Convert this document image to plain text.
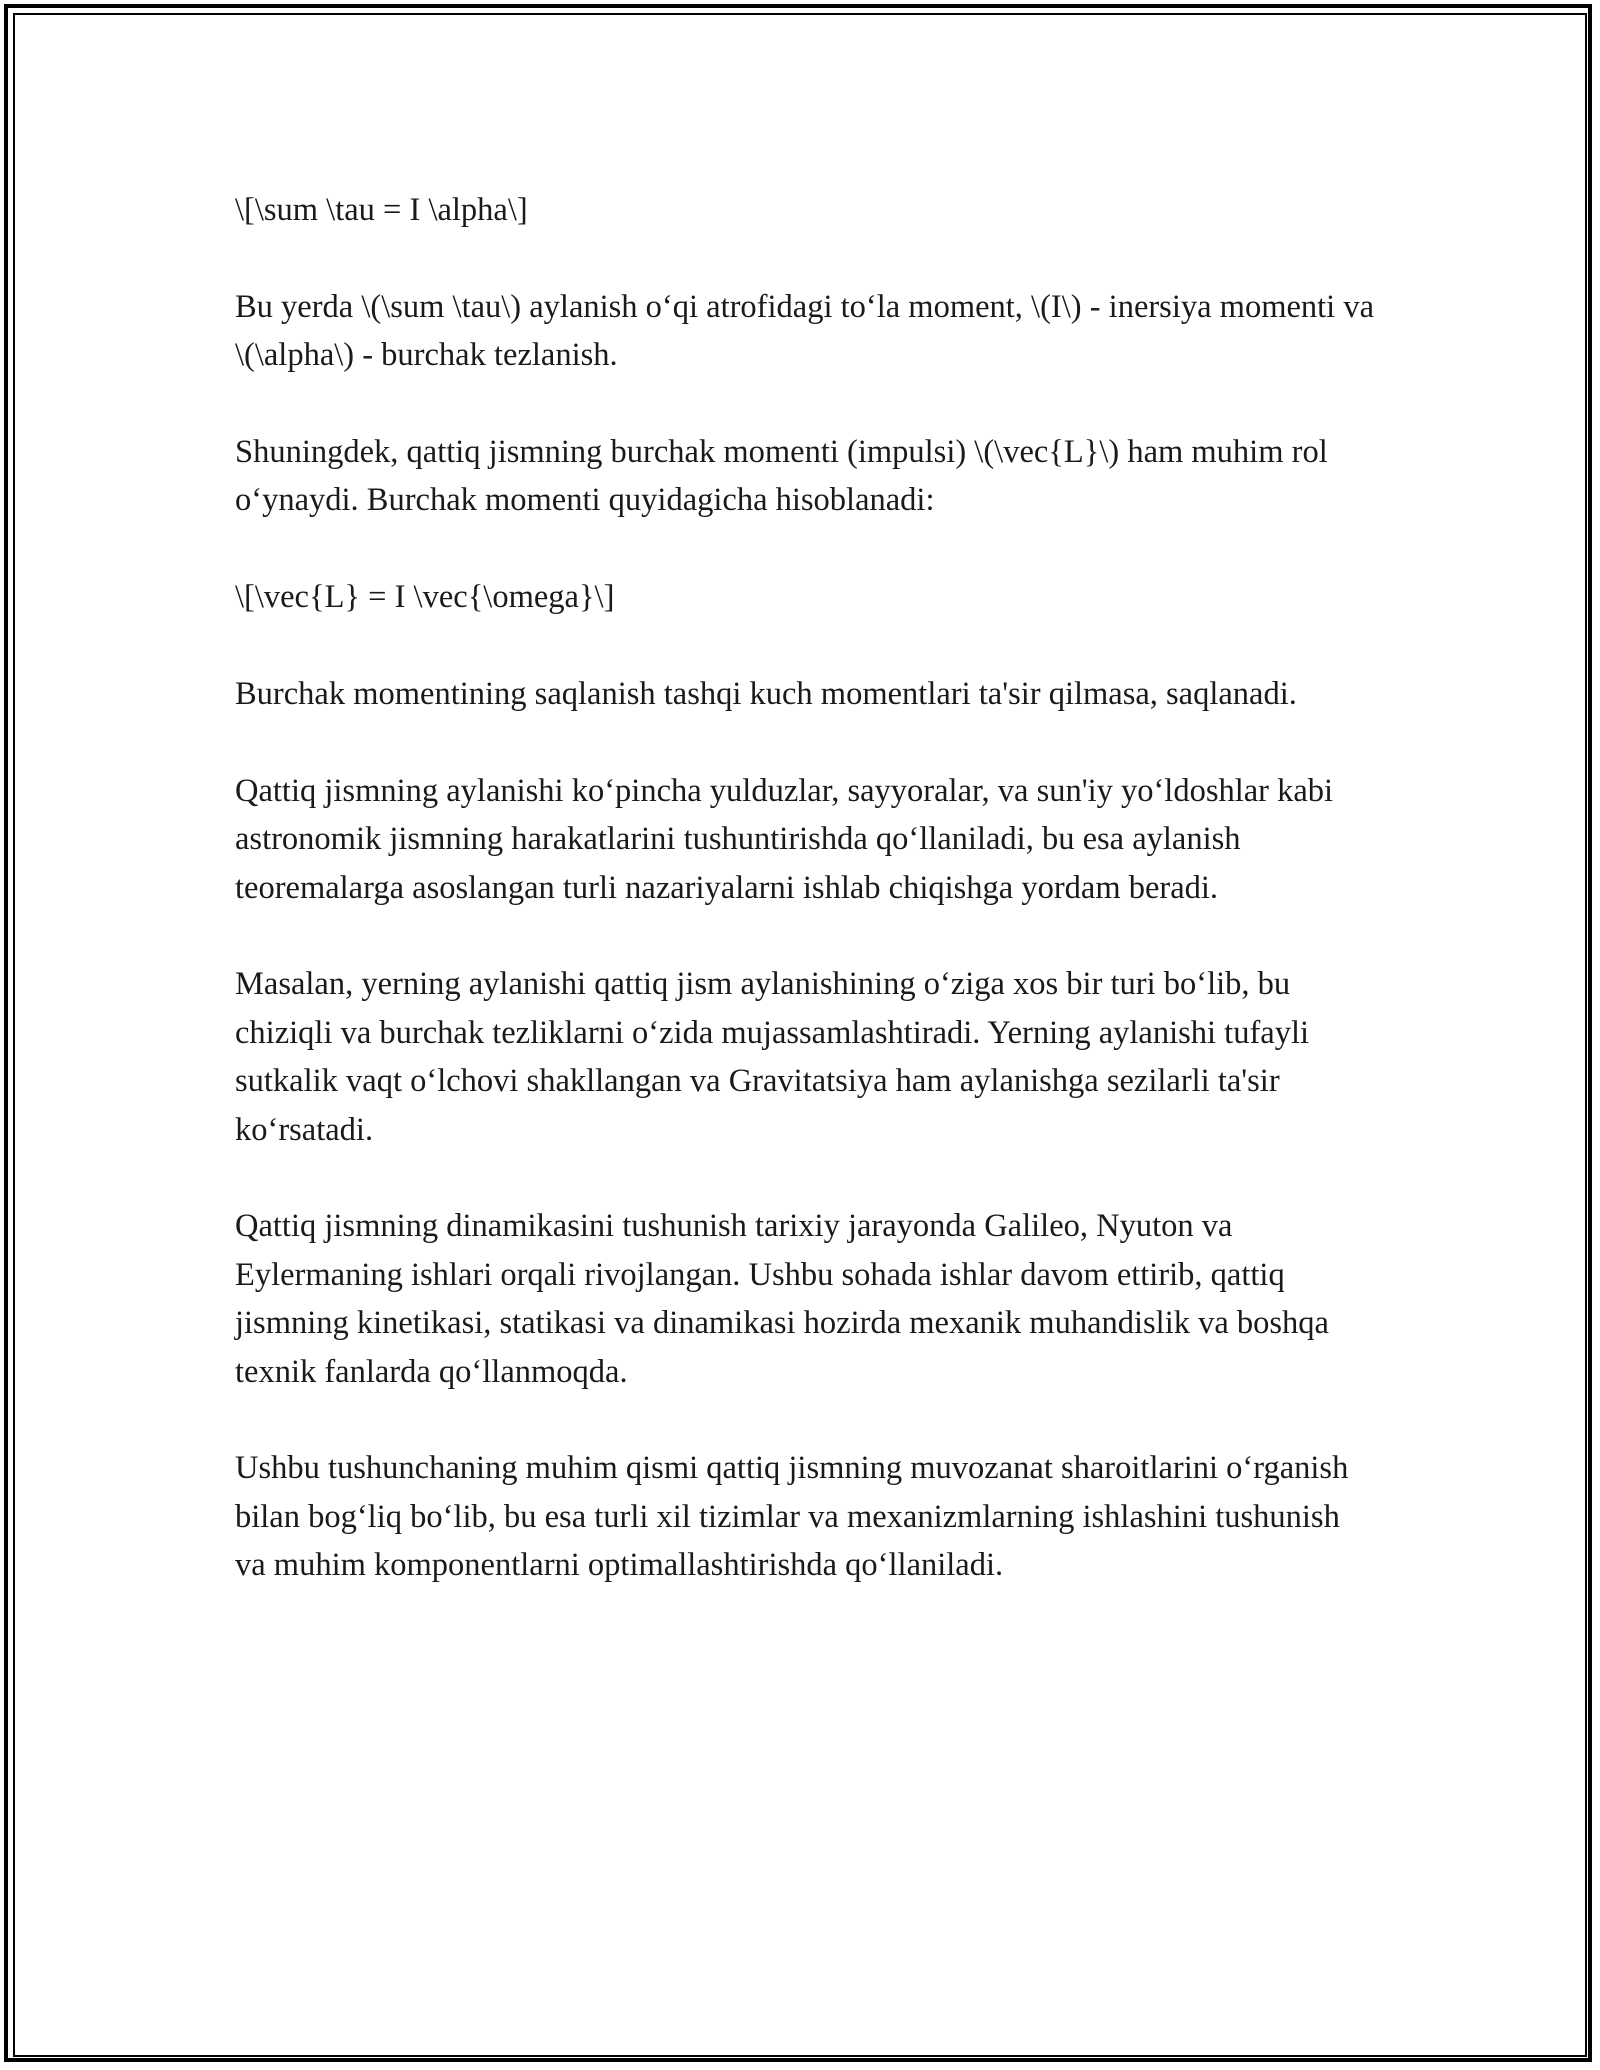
\[\sum \tau = I \alpha\]

Bu yerda \(\sum \tau\) aylanish o‘qi atrofidagi to‘la moment, \(I\) - inersiya momenti va \(\alpha\) - burchak tezlanish.

Shuningdek, qattiq jismning burchak momenti (impulsi) \(\vec{L}\) ham muhim rol o‘ynaydi. Burchak momenti quyidagicha hisoblanadi:

\[\vec{L} = I \vec{\omega}\]

Burchak momentining saqlanish tashqi kuch momentlari ta'sir qilmasa, saqlanadi.

Qattiq jismning aylanishi ko‘pincha yulduzlar, sayyoralar, va sun'iy yo‘ldoshlar kabi astronomik jismning harakatlarini tushuntirishda qo‘llaniladi, bu esa aylanish teoremalarga asoslangan turli nazariyalarni ishlab chiqishga yordam beradi.

Masalan, yerning aylanishi qattiq jism aylanishining o‘ziga xos bir turi bo‘lib, bu chiziqli va burchak tezliklarni o‘zida mujassamlashtiradi. Yerning aylanishi tufayli sutkalik vaqt o‘lchovi shakllangan va Gravitatsiya ham aylanishga sezilarli ta'sir ko‘rsatadi.

Qattiq jismning dinamikasini tushunish tarixiy jarayonda Galileo, Nyuton va Eylermaning ishlari orqali rivojlangan. Ushbu sohada ishlar davom ettirib, qattiq jismning kinetikasi, statikasi va dinamikasi hozirda mexanik muhandislik va boshqa texnik fanlarda qo‘llanmoqda.

Ushbu tushunchaning muhim qismi qattiq jismning muvozanat sharoitlarini o‘rganish bilan bog‘liq bo‘lib, bu esa turli xil tizimlar va mexanizmlarning ishlashini tushunish va muhim komponentlarni optimallashtirishda qo‘llaniladi.
